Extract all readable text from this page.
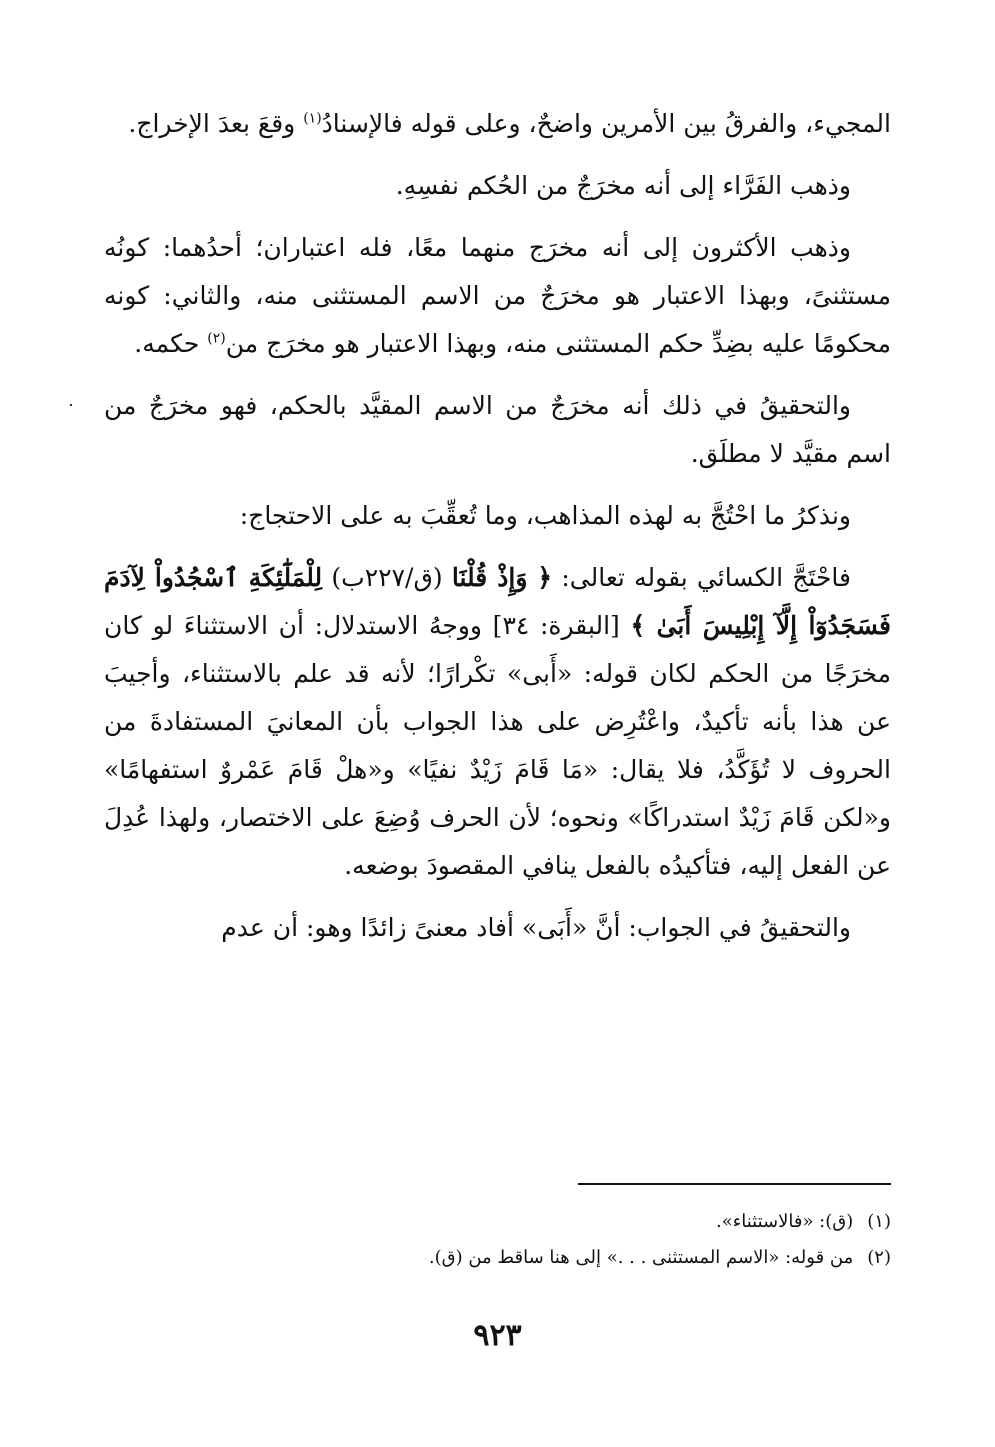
المجيء، والفرقُ بين الأمرين واضحٌ، وعلى قوله فالإسنادُ$^{(١)}$ وقعَ بعدَ الإخراج.

وذهب الفَرَّاء إلى أنه مخرَجٌ من الحُكم نفسِهِ.

وذهب الأكثرون إلى أنه مخرَج منهما معًا، فله اعتباران؛ أحدُهما: كونُه مستثنىً، وبهذا الاعتبار هو مخرَجٌ من الاسم المستثنى منه، والثاني: كونه محكومًا عليه بضِدِّ حكم المستثنى منه، وبهذا الاعتبار هو مخرَج من$^{(٢)}$ حكمه.

والتحقيقُ في ذلك أنه مخرَجٌ من الاسم المقيَّد بالحكم، فهو مخرَجٌ من اسم مقيَّد لا مطلَق.

ونذكرُ ما احْتُجَّ به لهذه المذاهب، وما تُعقِّبَ به على الاحتجاج:

فاحْتَجَّ الكسائي بقوله تعالى: ﴿ وَإِذْ قُلْنَا (ق/٢٢٧ب) لِلْمَلَٰٓئِكَةِ ٱسْجُدُواْ لِآدَمَ فَسَجَدُوٓاْ إِلَّآ إِبْلِيسَ أَبَىٰ ﴾ [البقرة: ٣٤] ووجهُ الاستدلال: أن الاستثناءَ لو كان مخرَجًا من الحكم لكان قوله: «أَبى» تكْرارًا؛ لأنه قد علم بالاستثناء، وأجيبَ عن هذا بأنه تأكيدٌ، واعْتُرِض على هذا الجواب بأن المعانيَ المستفادةَ من الحروف لا تُؤَكَّدُ، فلا يقال: «مَا قَامَ زَيْدٌ نفيًا» و«هلْ قَامَ عَمْروٌ استفهامًا» و«لكن قَامَ زَيْدٌ استدراكًا» ونحوه؛ لأن الحرف وُضِعَ على الاختصار، ولهذا عُدِلَ عن الفعل إليه، فتأكيدُه بالفعل ينافي المقصودَ بوضعه.

والتحقيقُ في الجواب: أنَّ «أَبَى» أفاد معنىً زائدًا وهو: أن عدم

(١)(ق): «فالاستثناء».

(٢)من قوله: «الاسم المستثنى . . .» إلى هنا ساقط من (ق).

٩٢٣
